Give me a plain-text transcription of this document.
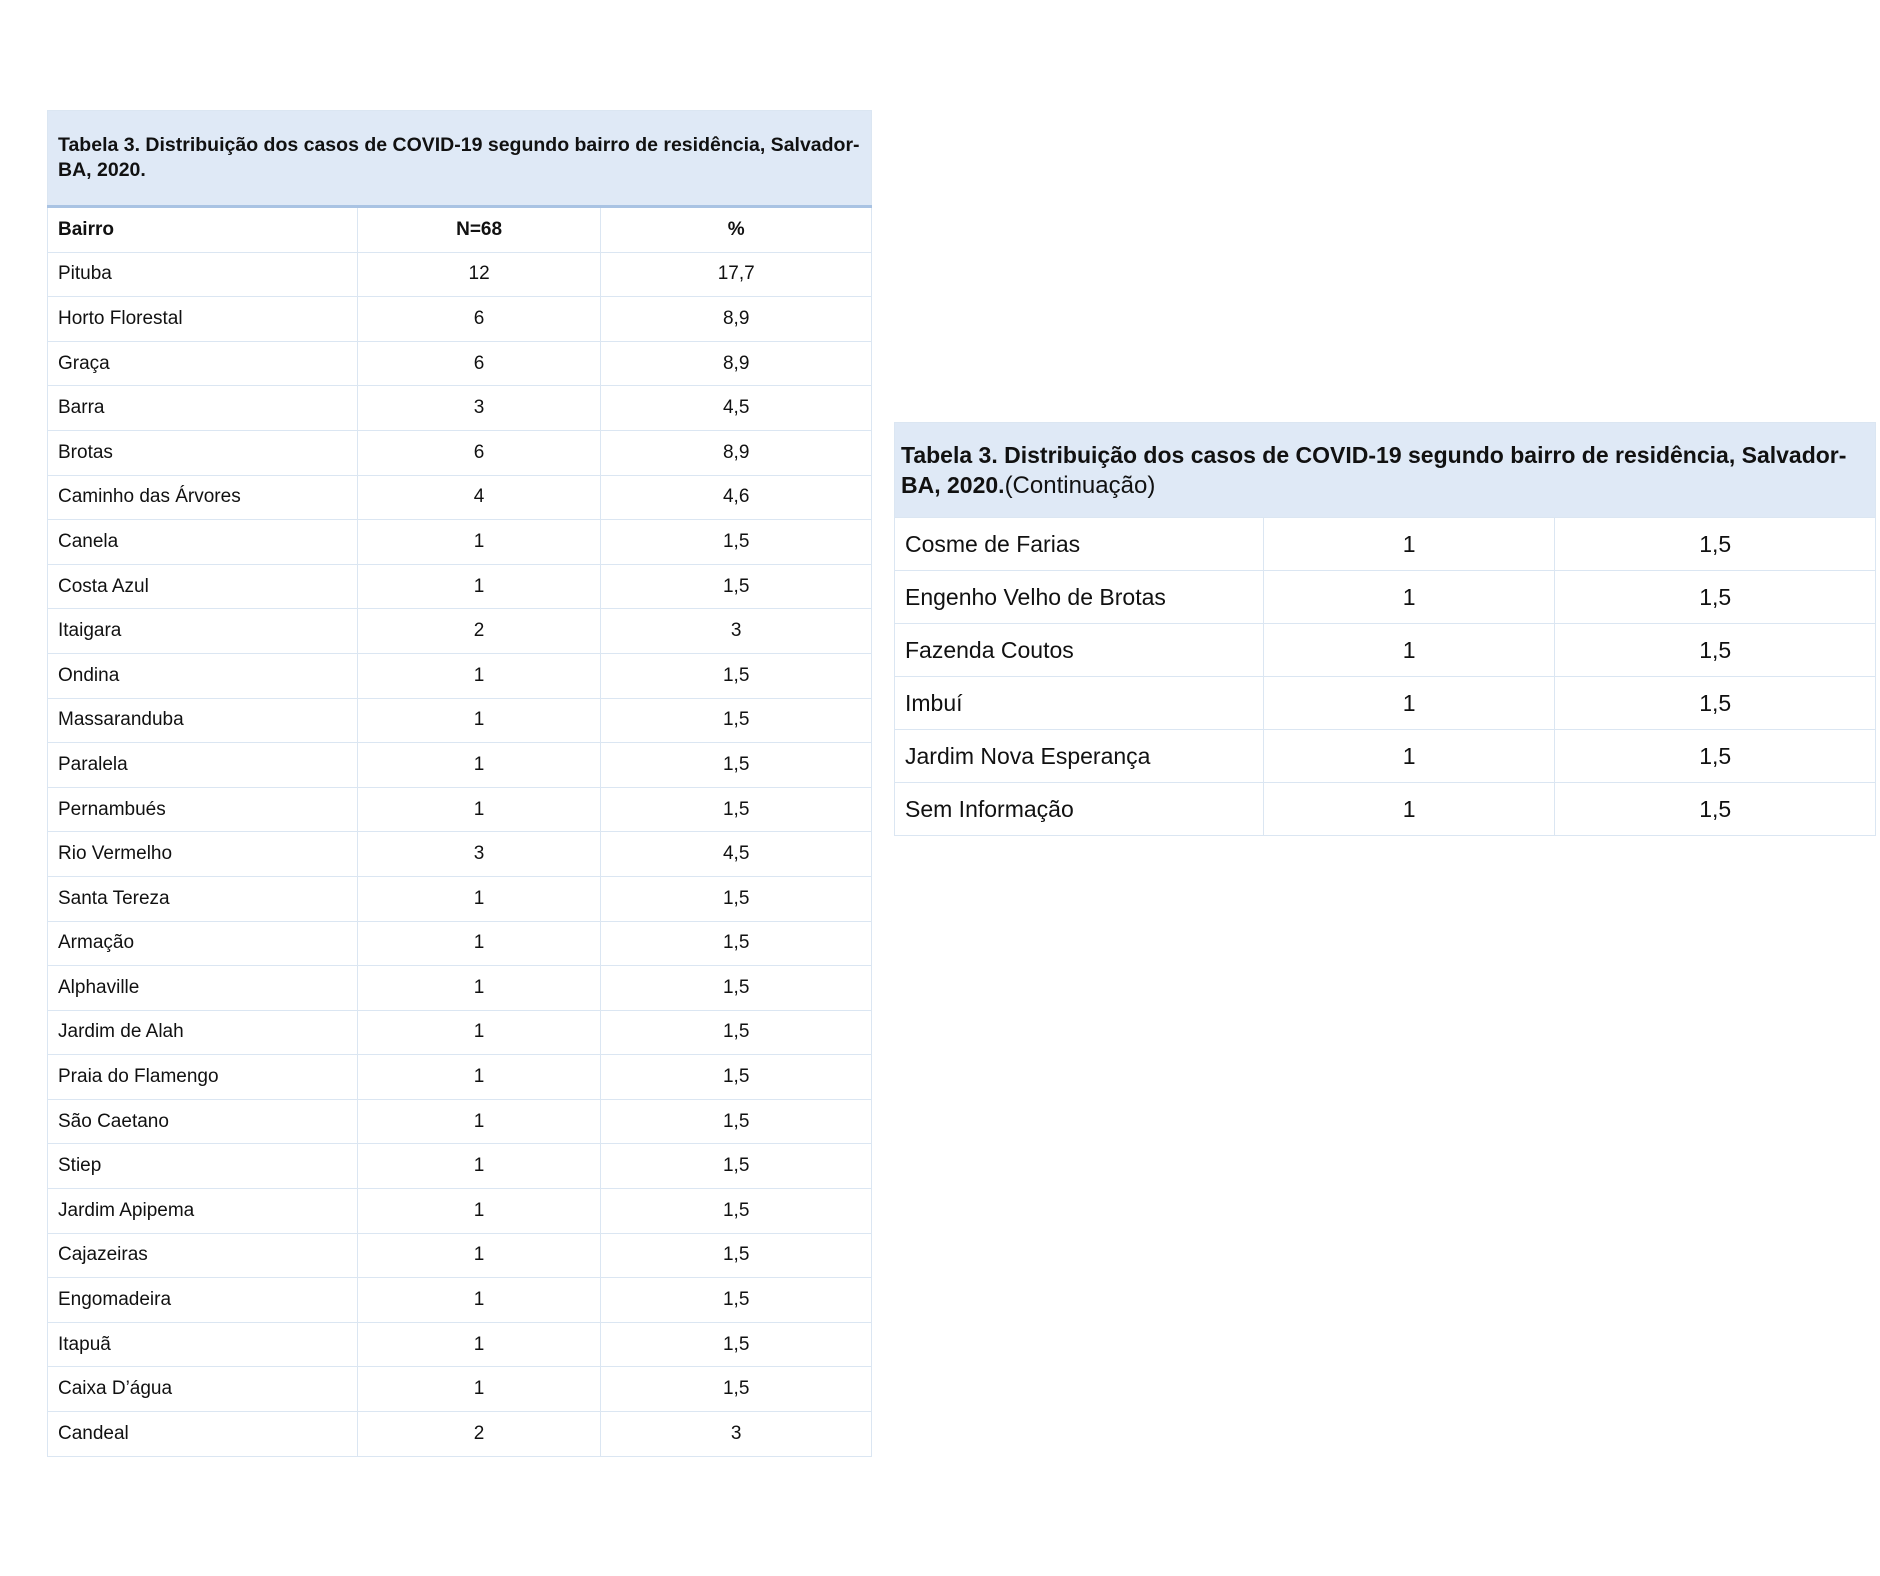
Tabela 3. Distribuição dos casos de COVID-19 segundo bairro de residência, Salvador-BA, 2020.		
Bairro	N=68	%
Pituba	12	17,7
Horto Florestal	6	8,9
Graça	6	8,9
Barra	3	4,5
Brotas	6	8,9
Caminho das Árvores	4	4,6
Canela	1	1,5
Costa Azul	1	1,5
Itaigara	2	3
Ondina	1	1,5
Massaranduba	1	1,5
Paralela	1	1,5
Pernambués	1	1,5
Rio Vermelho	3	4,5
Santa Tereza	1	1,5
Armação	1	1,5
Alphaville	1	1,5
Jardim de Alah	1	1,5
Praia do Flamengo	1	1,5
São Caetano	1	1,5
Stiep	1	1,5
Jardim Apipema	1	1,5
Cajazeiras	1	1,5
Engomadeira	1	1,5
Itapuã	1	1,5
Caixa D’água	1	1,5
Candeal	2	3
Tabela 3. Distribuição dos casos de COVID-19 segundo bairro de residência, Salvador-BA, 2020.(Continuação)		
Cosme de Farias	1	1,5
Engenho Velho de Brotas	1	1,5
Fazenda Coutos	1	1,5
Imbuí	1	1,5
Jardim Nova Esperança	1	1,5
Sem Informação	1	1,5
